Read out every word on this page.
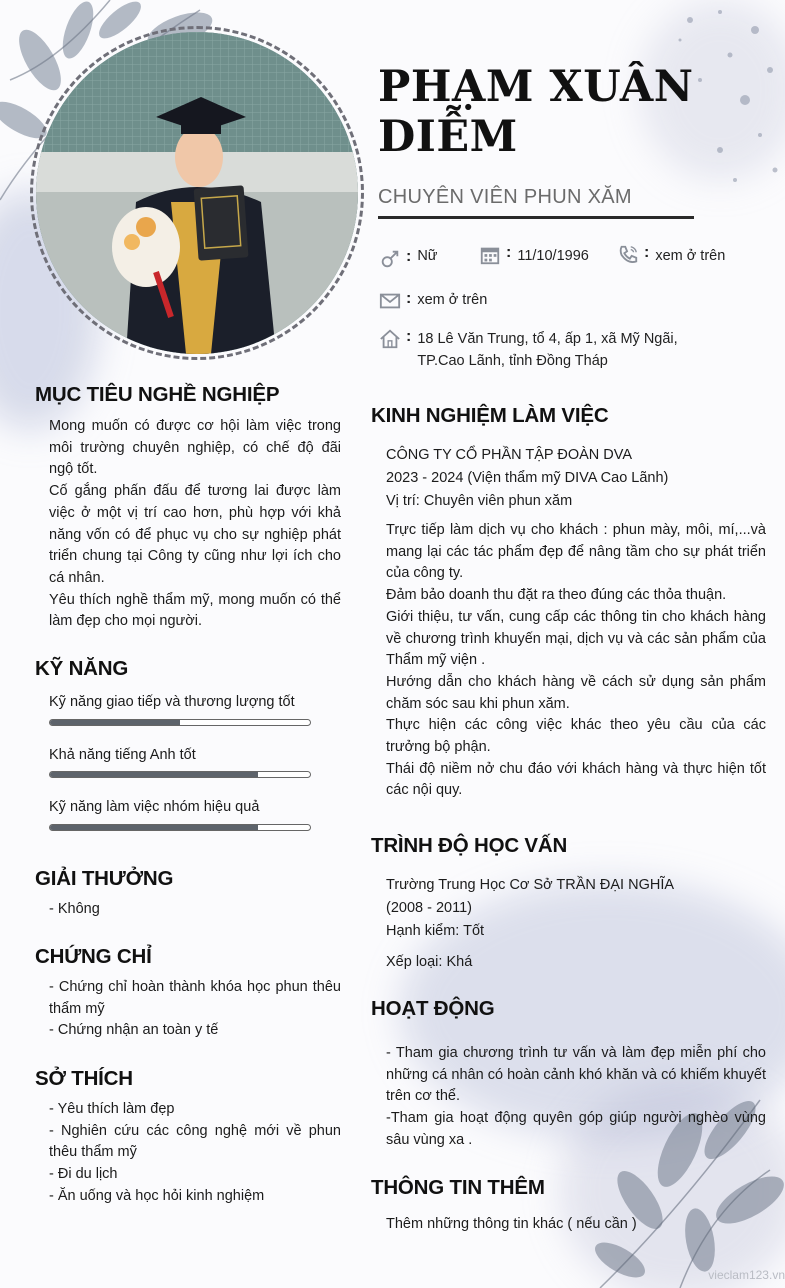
PHẠM XUÂN
DIỄM
CHUYÊN VIÊN PHUN XĂM
: Nữ	: 11/10/1996	: xem ở trên
: xem ở trên
: 18 Lê Văn Trung, tổ 4, ấp 1, xã Mỹ Ngãi,
TP.Cao Lãnh, tỉnh Đồng Tháp
MỤC TIÊU NGHỀ NGHIỆP

Mong muốn có được cơ hội làm việc trong môi trường chuyên nghiệp, có chế độ đãi ngộ tốt.

Cố gắng phấn đấu để tương lai được làm việc ở một vị trí cao hơn, phù hợp với khả năng vốn có để phục vụ cho sự nghiệp phát triển chung tại Công ty cũng như lợi ích cho cá nhân.

Yêu thích nghề thẩm mỹ, mong muốn có thể làm đẹp cho mọi người.

KỸ NĂNG
Kỹ năng giao tiếp và thương lượng tốt
Khả năng tiếng Anh tốt
Kỹ năng làm việc nhóm hiệu quả
GIẢI THƯỞNG

- Không

CHỨNG CHỈ

- Chứng chỉ hoàn thành khóa học phun thêu thẩm mỹ

- Chứng nhận an toàn y tế

SỞ THÍCH

- Yêu thích làm đẹp

- Nghiên cứu các công nghệ mới về phun thêu thẩm mỹ

- Đi du lịch

- Ăn uống và học hỏi kinh nghiệm

KINH NGHIỆM LÀM VIỆC

CÔNG TY CỔ PHẦN TẬP ĐOÀN DVA

2023 - 2024 (Viện thẩm mỹ DIVA Cao Lãnh)

Vị trí: Chuyên viên phun xăm

Trực tiếp làm dịch vụ cho khách : phun mày, môi, mí,...và mang lại các tác phẩm đẹp để nâng tầm cho sự phát triển của công ty.

Đảm bảo doanh thu đặt ra theo đúng các thỏa thuận.

Giới thiệu, tư vấn, cung cấp các thông tin cho khách hàng về chương trình khuyến mại, dịch vụ và các sản phẩm của Thẩm mỹ viện .

Hướng dẫn cho khách hàng về cách sử dụng sản phẩm chăm sóc sau khi phun xăm.

Thực hiện các công việc khác theo yêu cầu của các trưởng bộ phận.

Thái độ niềm nở chu đáo với khách hàng và thực hiện tốt các nội quy.

TRÌNH ĐỘ HỌC VẤN

Trường Trung Học Cơ Sở TRẦN ĐẠI NGHĨA

(2008 - 2011)

Hạnh kiểm: Tốt

Xếp loại: Khá

HOẠT ĐỘNG

- Tham gia chương trình tư vấn và làm đẹp miễn phí cho những cá nhân có hoàn cảnh khó khăn và có khiếm khuyết trên cơ thể.

-Tham gia hoạt động quyên góp giúp người nghèo vùng sâu vùng xa .

THÔNG TIN THÊM

Thêm những thông tin khác ( nếu cần )

vieclam123.vn
